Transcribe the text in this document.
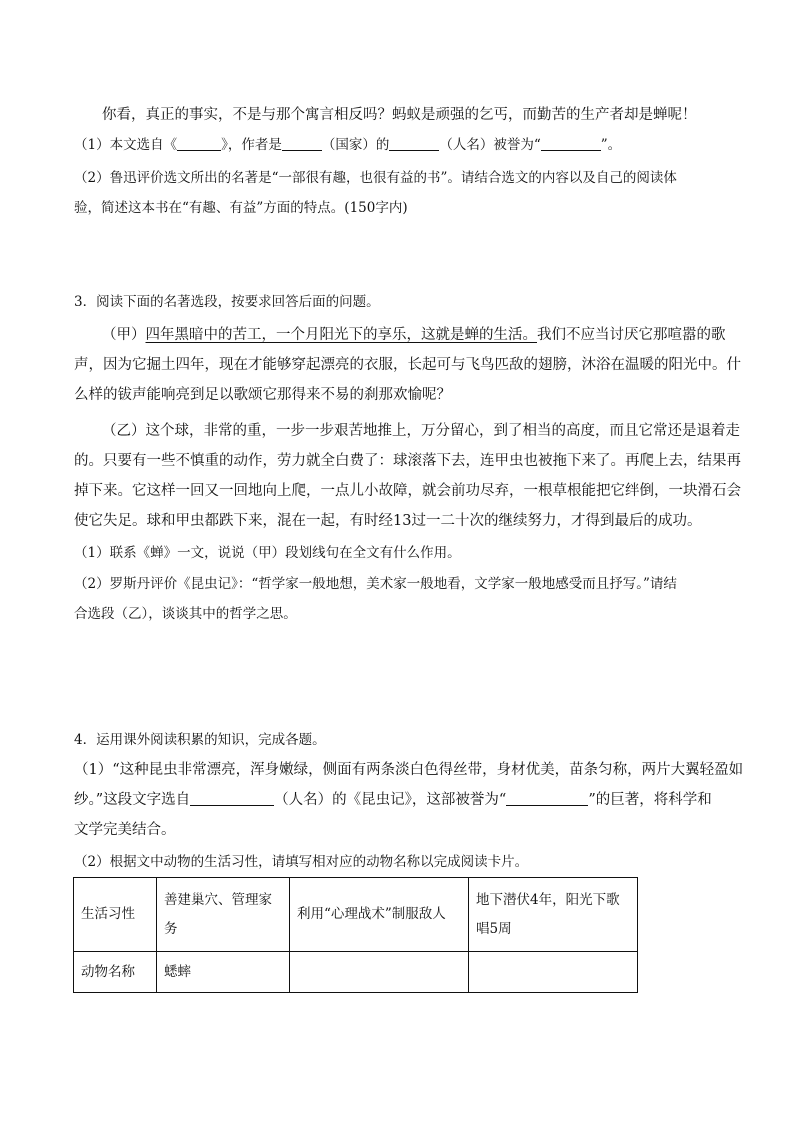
你看，真正的事实，不是与那个寓言相反吗？蚂蚁是顽强的乞丐，而勤苦的生产者却是蝉呢！
（1）本文选自《	》，作者是	（国家）的	（人名）被誉为“	”。
（2）鲁迅评价选文所出的名著是“一部很有趣，也很有益的书”。请结合选文的内容以及自己的阅读体
验，简述这本书在“有趣、有益”方面的特点。(150字内)
3．阅读下面的名著选段，按要求回答后面的问题。
（甲）四年黑暗中的苦工，一个月阳光下的享乐，这就是蝉的生活。我们不应当讨厌它那喧嚣的歌
声，因为它掘土四年，现在才能够穿起漂亮的衣服，长起可与飞鸟匹敌的翅膀，沐浴在温暖的阳光中。什
么样的钹声能响亮到足以歌颂它那得来不易的刹那欢愉呢？
（乙）这个球，非常的重，一步一步艰苦地推上，万分留心，到了相当的高度，而且它常还是退着走
的。只要有一些不慎重的动作，劳力就全白费了：球滚落下去，连甲虫也被拖下来了。再爬上去，结果再
掉下来。它这样一回又一回地向上爬，一点儿小故障，就会前功尽弃，一根草根能把它绊倒，一块滑石会
使它失足。球和甲虫都跌下来，混在一起，有时经13过一二十次的继续努力，才得到最后的成功。
（1）联系《蝉》一文，说说（甲）段划线句在全文有什么作用。
（2）罗斯丹评价《昆虫记》：“哲学家一般地想，美术家一般地看，文学家一般地感受而且抒写。”请结
合选段（乙），谈谈其中的哲学之思。
4．运用课外阅读积累的知识，完成各题。
（1）“这种昆虫非常漂亮，浑身嫩绿，侧面有两条淡白色得丝带，身材优美，苗条匀称，两片大翼轻盈如
纱。”这段文字选自	（人名）的《昆虫记》，这部被誉为“	”的巨著，将科学和
文学完美结合。
（2）根据文中动物的生活习性，请填写相对应的动物名称以完成阅读卡片。
生活习性	善建巢穴、管理家务	利用“心理战术”制服敌人	地下潜伏4年，阳光下歌唱5周
动物名称	蟋蟀		
